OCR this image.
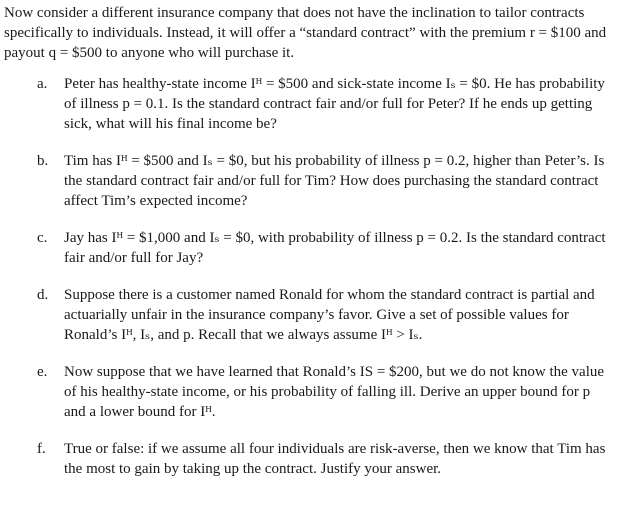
Now consider a different insurance company that does not have the inclination to tailor contracts specifically to individuals. Instead, it will offer a “standard contract” with the premium r = $100 and payout q = $500 to anyone who will purchase it.

a.	Peter has healthy-state income Iᴴ = $500 and sick-state income Iₛ = $0. He has probability of illness p = 0.1. Is the standard contract fair and/or full for Peter? If he ends up getting sick, what will his final income be?
b.	Tim has Iᴴ = $500 and Iₛ = $0, but his probability of illness p = 0.2, higher than Peter’s. Is the standard contract fair and/or full for Tim? How does purchasing the standard contract affect Tim’s expected income?
c.	Jay has Iᴴ = $1,000 and Iₛ = $0, with probability of illness p = 0.2. Is the standard contract fair and/or full for Jay?
d.	Suppose there is a customer named Ronald for whom the standard contract is partial and actuarially unfair in the insurance company’s favor. Give a set of possible values for Ronald’s Iᴴ, Iₛ, and p. Recall that we always assume Iᴴ > Iₛ.
e.	Now suppose that we have learned that Ronald’s IS = $200, but we do not know the value of his healthy-state income, or his probability of falling ill. Derive an upper bound for p and a lower bound for Iᴴ.
f.	True or false: if we assume all four individuals are risk-averse, then we know that Tim has the most to gain by taking up the contract. Justify your answer.
